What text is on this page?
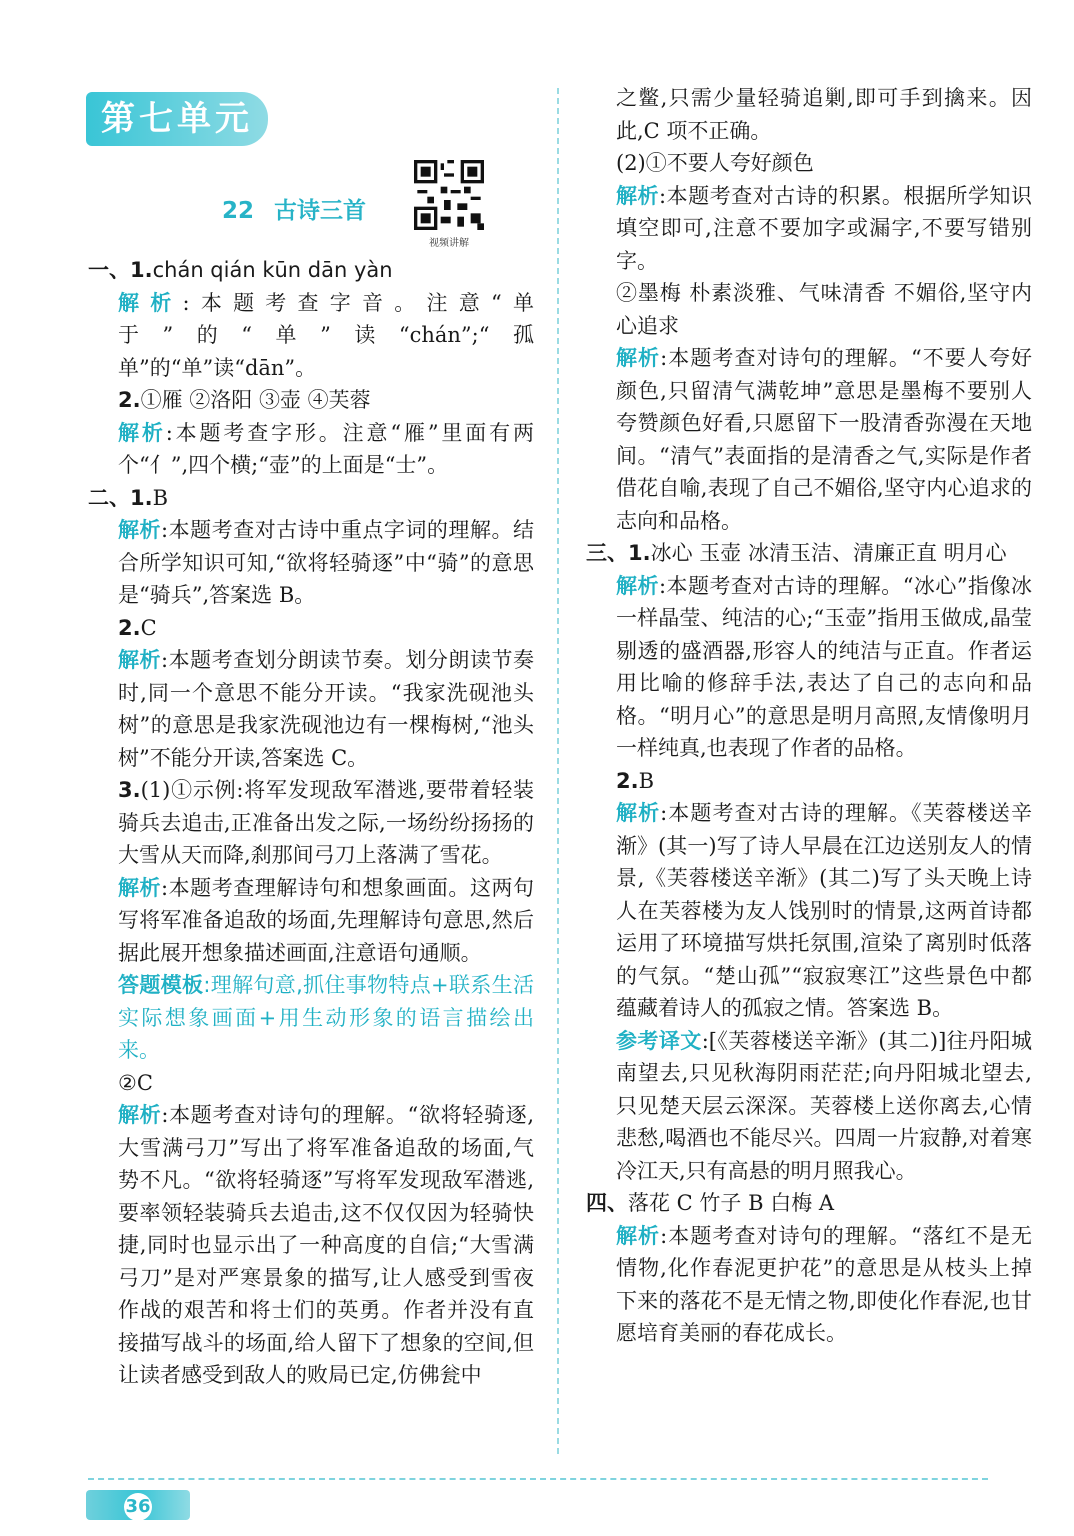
第七单元
22 古诗三首
视频讲解

一、1.chán qián kūn dān yàn

解析:本题考查字音。注意“单于”的“单”读“chán”;“孤单”的“单”读“dān”。

2.①雁 ②洛阳 ③壶 ④芙蓉

解析:本题考查字形。注意“雁”里面有两个“亻”,四个横;“壶”的上面是“士”。

二、1.B

解析:本题考查对古诗中重点字词的理解。结合所学知识可知,“欲将轻骑逐”中“骑”的意思是“骑兵”,答案选 B。

2.C

解析:本题考查划分朗读节奏。划分朗读节奏时,同一个意思不能分开读。“我家洗砚池头树”的意思是我家洗砚池边有一棵梅树,“池头树”不能分开读,答案选 C。

3.(1)①示例:将军发现敌军潜逃,要带着轻装骑兵去追击,正准备出发之际,一场纷纷扬扬的大雪从天而降,刹那间弓刀上落满了雪花。

解析:本题考查理解诗句和想象画面。这两句写将军准备追敌的场面,先理解诗句意思,然后据此展开想象描述画面,注意语句通顺。

答题模板:理解句意,抓住事物特点+联系生活实际想象画面+用生动形象的语言描绘出来。

②C

解析:本题考查对诗句的理解。“欲将轻骑逐,大雪满弓刀”写出了将军准备追敌的场面,气势不凡。“欲将轻骑逐”写将军发现敌军潜逃,要率领轻装骑兵去追击,这不仅仅因为轻骑快捷,同时也显示出了一种高度的自信;“大雪满弓刀”是对严寒景象的描写,让人感受到雪夜作战的艰苦和将士们的英勇。作者并没有直接描写战斗的场面,给人留下了想象的空间,但让读者感受到敌人的败局已定,仿佛瓮中

之鳖,只需少量轻骑追剿,即可手到擒来。因此,C 项不正确。

(2)①不要人夸好颜色

解析:本题考查对古诗的积累。根据所学知识填空即可,注意不要加字或漏字,不要写错别字。

②墨梅 朴素淡雅、气味清香 不媚俗,坚守内心追求

解析:本题考查对诗句的理解。“不要人夸好颜色,只留清气满乾坤”意思是墨梅不要别人夸赞颜色好看,只愿留下一股清香弥漫在天地间。“清气”表面指的是清香之气,实际是作者借花自喻,表现了自己不媚俗,坚守内心追求的志向和品格。

三、1.冰心 玉壶 冰清玉洁、清廉正直 明月心

解析:本题考查对古诗的理解。“冰心”指像冰一样晶莹、纯洁的心;“玉壶”指用玉做成,晶莹剔透的盛酒器,形容人的纯洁与正直。作者运用比喻的修辞手法,表达了自己的志向和品格。“明月心”的意思是明月高照,友情像明月一样纯真,也表现了作者的品格。

2.B

解析:本题考查对古诗的理解。《芙蓉楼送辛渐》(其一)写了诗人早晨在江边送别友人的情景,《芙蓉楼送辛渐》(其二)写了头天晚上诗人在芙蓉楼为友人饯别时的情景,这两首诗都运用了环境描写烘托氛围,渲染了离别时低落的气氛。“楚山孤”“寂寂寒江”这些景色中都蕴藏着诗人的孤寂之情。答案选 B。

参考译文:[《芙蓉楼送辛渐》(其二)]往丹阳城南望去,只见秋海阴雨茫茫;向丹阳城北望去,只见楚天层云深深。芙蓉楼上送你离去,心情悲愁,喝酒也不能尽兴。四周一片寂静,对着寒冷江天,只有高悬的明月照我心。

四、落花 C 竹子 B 白梅 A

解析:本题考查对诗句的理解。“落红不是无情物,化作春泥更护花”的意思是从枝头上掉下来的落花不是无情之物,即使化作春泥,也甘愿培育美丽的春花成长。

36
